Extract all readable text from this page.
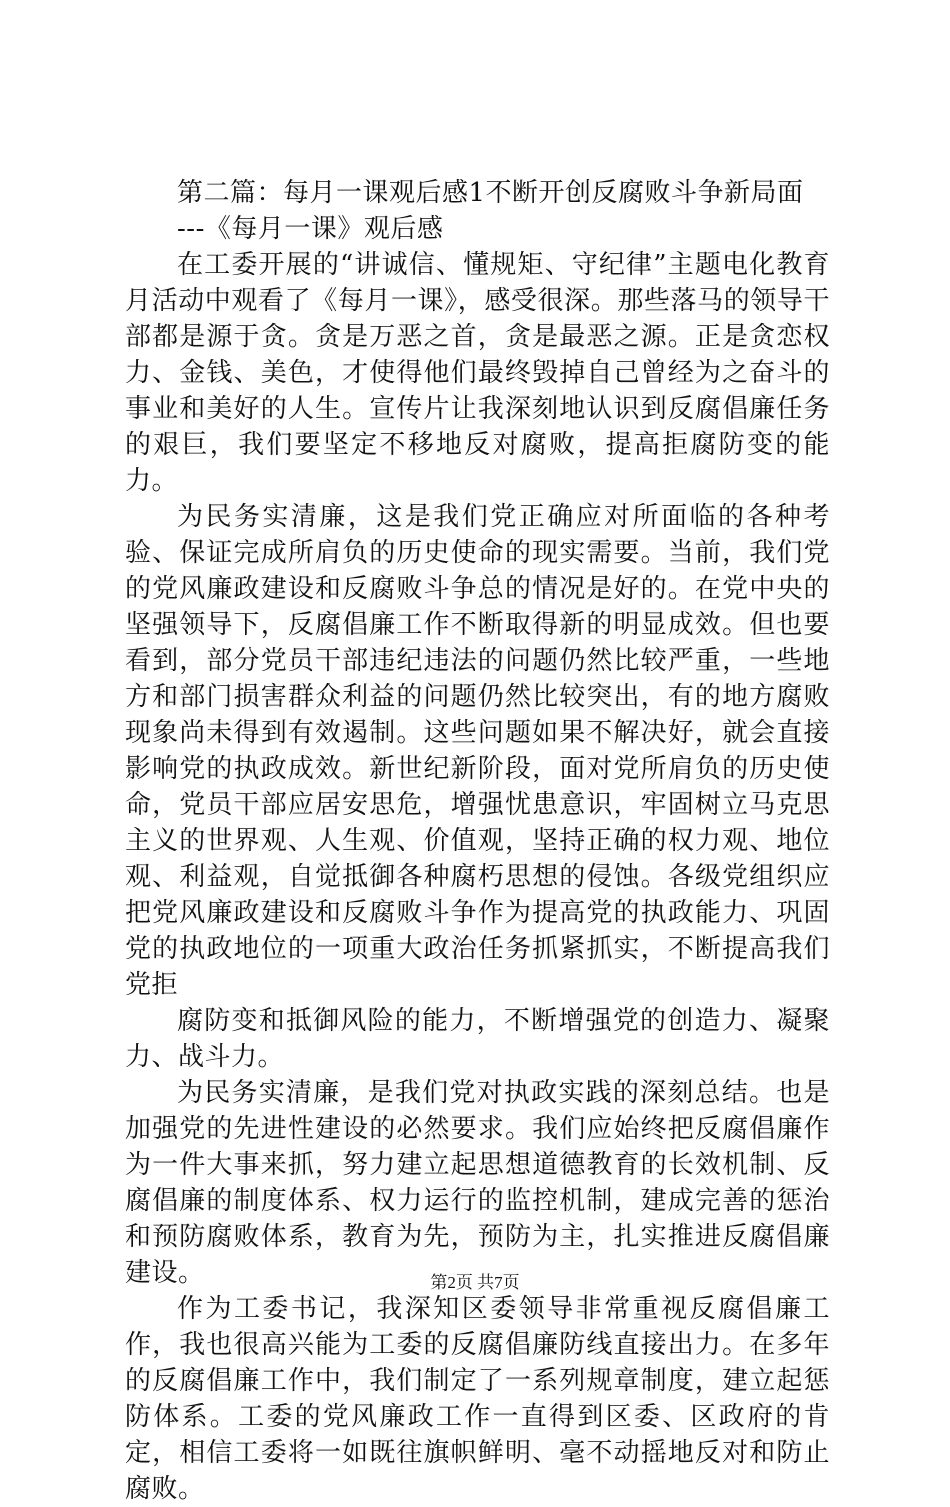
第二篇：每月一课观后感1不断开创反腐败斗争新局面

---《每月一课》观后感

在工委开展的“讲诚信、懂规矩、守纪律”主题电化教育月活动中观看了《每月一课》，感受很深。那些落马的领导干部都是源于贪。贪是万恶之首，贪是最恶之源。正是贪恋权力、金钱、美色，才使得他们最终毁掉自己曾经为之奋斗的事业和美好的人生。宣传片让我深刻地认识到反腐倡廉任务的艰巨，我们要坚定不移地反对腐败，提高拒腐防变的能力。

为民务实清廉，这是我们党正确应对所面临的各种考验、保证完成所肩负的历史使命的现实需要。当前，我们党的党风廉政建设和反腐败斗争总的情况是好的。在党中央的坚强领导下，反腐倡廉工作不断取得新的明显成效。但也要看到，部分党员干部违纪违法的问题仍然比较严重，一些地方和部门损害群众利益的问题仍然比较突出，有的地方腐败现象尚未得到有效遏制。这些问题如果不解决好，就会直接影响党的执政成效。新世纪新阶段，面对党所肩负的历史使命，党员干部应居安思危，增强忧患意识，牢固树立马克思主义的世界观、人生观、价值观，坚持正确的权力观、地位观、利益观，自觉抵御各种腐朽思想的侵蚀。各级党组织应把党风廉政建设和反腐败斗争作为提高党的执政能力、巩固党的执政地位的一项重大政治任务抓紧抓实，不断提高我们党拒

腐防变和抵御风险的能力，不断增强党的创造力、凝聚力、战斗力。

为民务实清廉，是我们党对执政实践的深刻总结。也是加强党的先进性建设的必然要求。我们应始终把反腐倡廉作为一件大事来抓，努力建立起思想道德教育的长效机制、反腐倡廉的制度体系、权力运行的监控机制，建成完善的惩治和预防腐败体系，教育为先，预防为主，扎实推进反腐倡廉建设。

作为工委书记，我深知区委领导非常重视反腐倡廉工作，我也很高兴能为工委的反腐倡廉防线直接出力。在多年的反腐倡廉工作中，我们制定了一系列规章制度，建立起惩防体系。工委的党风廉政工作一直得到区委、区政府的肯定，相信工委将一如既往旗帜鲜明、毫不动摇地反对和防止腐败。

第2页 共7页
